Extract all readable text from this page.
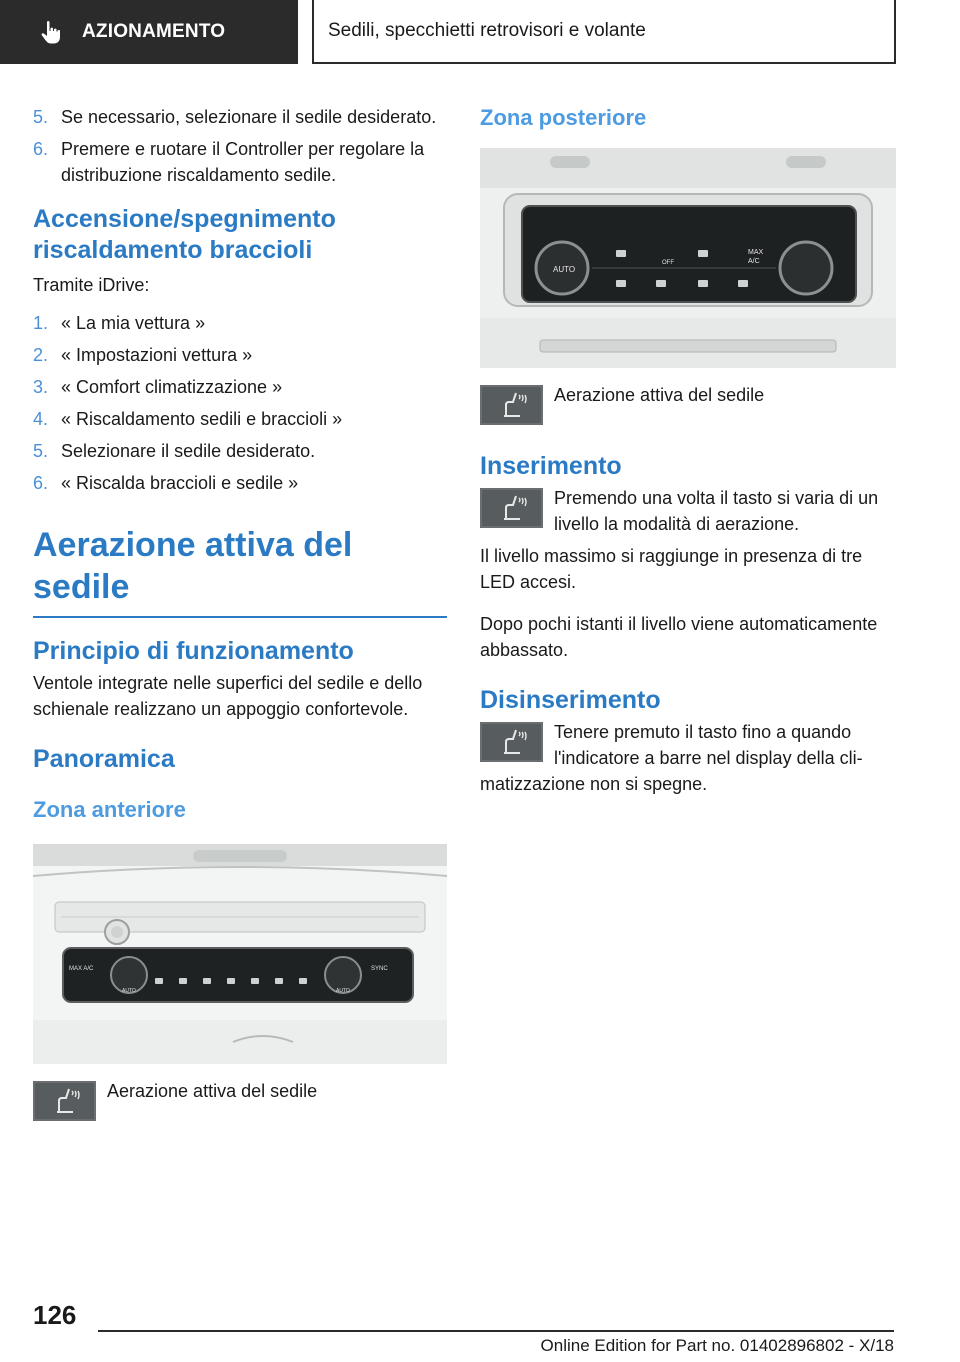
AZIONAMENTO	Sedili, specchietti retrovisori e volante
5. Se necessario, selezionare il sedile desiderato.
6. Premere e ruotare il Controller per regolare la distribuzione riscaldamento sedile.
Accensione/spegnimento riscaldamento braccioli
Tramite iDrive:
1. « La mia vettura »
2. « Impostazioni vettura »
3. « Comfort climatizzazione »
4. « Riscaldamento sedili e braccioli »
5. Selezionare il sedile desiderato.
6. « Riscalda braccioli e sedile »
Aerazione attiva del sedile
Principio di funzionamento
Ventole integrate nelle superfici del sedile e dello schienale realizzano un appoggio confortevole.
Panoramica
Zona anteriore
MAX A/C
AUTO	AUTO
SYNC
Aerazione attiva del sedile
Zona posteriore
AUTO
OFF
MAX
A/C
Aerazione attiva del sedile
Inserimento
Premendo una volta il tasto si varia di un livello la modalità di aerazione.
Il livello massimo si raggiunge in presenza di tre LED accesi.
Dopo pochi istanti il livello viene automaticamente abbassato.
Disinserimento
Tenere premuto il tasto fino a quando l'indicatore a barre nel display della climatizzazione non si spegne.
126
Online Edition for Part no. 01402896802 - X/18
